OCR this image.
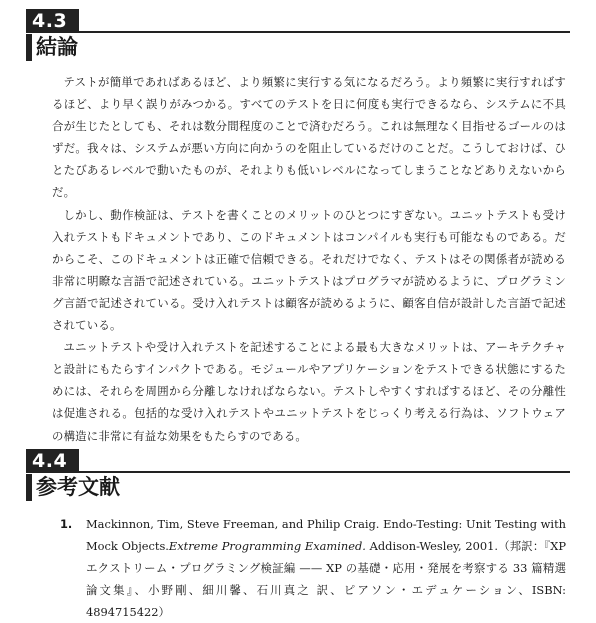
4.3
結論

テストが簡単であればあるほど、より頻繁に実行する気になるだろう。より頻繁に実行すればするほど、より早く誤りがみつかる。すべてのテストを日に何度も実行できるなら、システムに不具合が生じたとしても、それは数分間程度のことで済むだろう。これは無理なく目指せるゴールのはずだ。我々は、システムが悪い方向に向かうのを阻止しているだけのことだ。こうしておけば、ひとたびあるレベルで動いたものが、それよりも低いレベルになってしまうことなどありえないからだ。

しかし、動作検証は、テストを書くことのメリットのひとつにすぎない。ユニットテストも受け入れテストもドキュメントであり、このドキュメントはコンパイルも実行も可能なものである。だからこそ、このドキュメントは正確で信頼できる。それだけでなく、テストはその関係者が読める非常に明瞭な言語で記述されている。ユニットテストはプログラマが読めるように、プログラミング言語で記述されている。受け入れテストは顧客が読めるように、顧客自信が設計した言語で記述されている。

ユニットテストや受け入れテストを記述することによる最も大きなメリットは、アーキテクチャと設計にもたらすインパクトである。モジュールやアプリケーションをテストできる状態にするためには、それらを周囲から分離しなければならない。テストしやすくすればするほど、その分離性は促進される。包括的な受け入れテストやユニットテストをじっくり考える行為は、ソフトウェアの構造に非常に有益な効果をもたらすのである。

4.4
参考文献
1.	Mackinnon, Tim, Steve Freeman, and Philip Craig. Endo-Testing: Unit Testing with Mock Objects.Extreme Programming Examined. Addison-Wesley, 2001.（邦訳：『XP エクストリーム・プログラミング検証編 —— XP の基礎・応用・発展を考察する 33 篇精選論文集』、小野剛、細川馨、石川真之 訳、ピアソン・エデュケーション、ISBN: 4894715422）
